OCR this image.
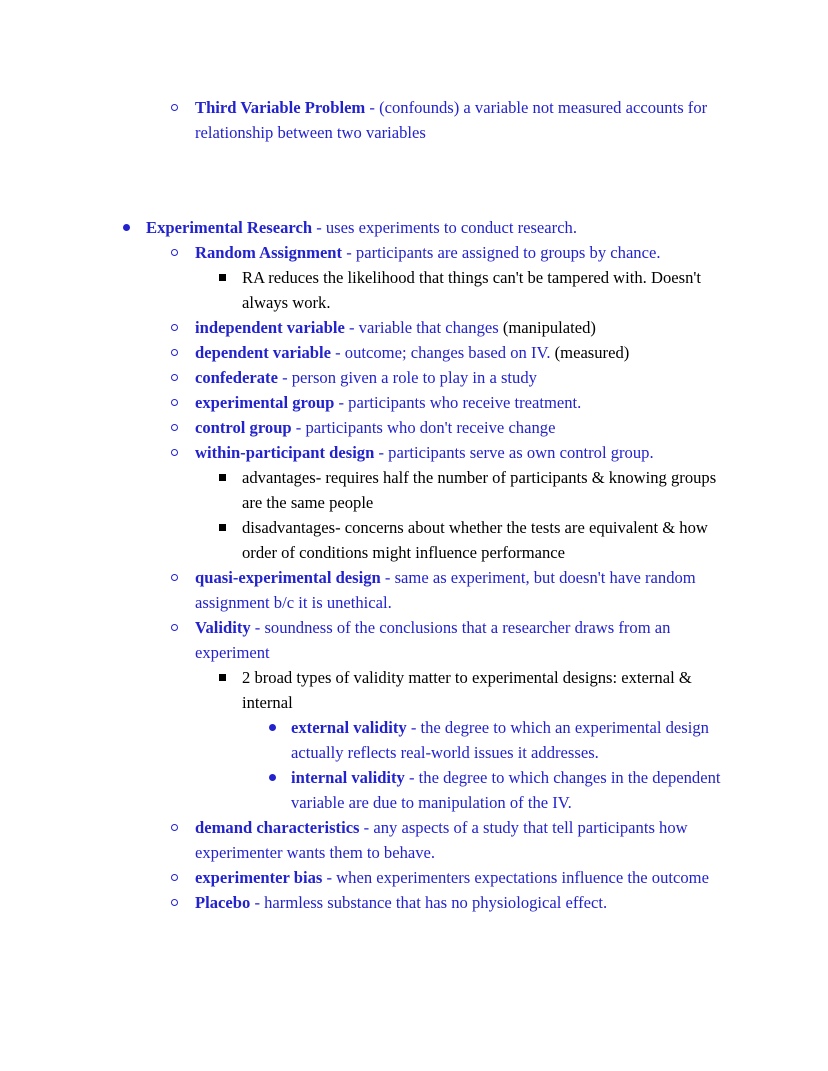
Third Variable Problem - (confounds) a variable not measured accounts for relationship between two variables
Experimental Research - uses experiments to conduct research.
Random Assignment - participants are assigned to groups by chance.
RA reduces the likelihood that things can't be tampered with. Doesn't always work.
independent variable - variable that changes (manipulated)
dependent variable - outcome; changes based on IV. (measured)
confederate - person given a role to play in a study
experimental group - participants who receive treatment.
control group - participants who don't receive change
within-participant design - participants serve as own control group.
advantages- requires half the number of participants & knowing groups are the same people
disadvantages- concerns about whether the tests are equivalent & how order of conditions might influence performance
quasi-experimental design - same as experiment, but doesn't have random assignment b/c it is unethical.
Validity - soundness of the conclusions that a researcher draws from an experiment
2 broad types of validity matter to experimental designs: external & internal
external validity - the degree to which an experimental design actually reflects real-world issues it addresses.
internal validity - the degree to which changes in the dependent variable are due to manipulation of the IV.
demand characteristics - any aspects of a study that tell participants how experimenter wants them to behave.
experimenter bias - when experimenters expectations influence the outcome
Placebo - harmless substance that has no physiological effect.
